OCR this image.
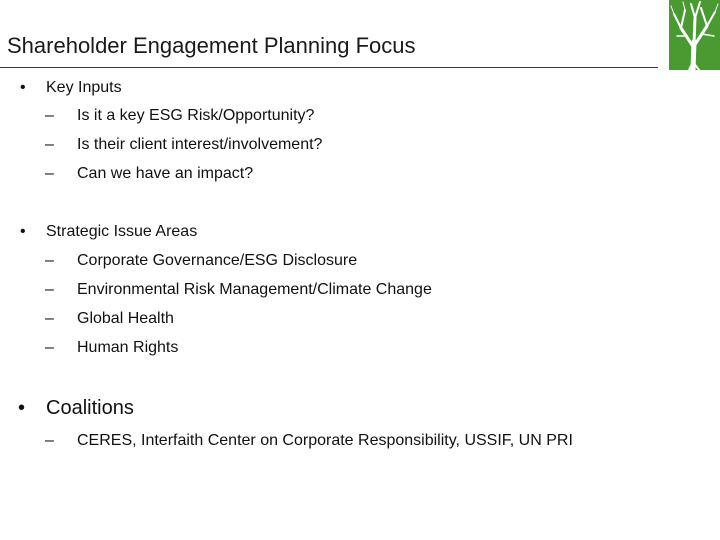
Shareholder Engagement Planning Focus
• Key Inputs
– Is it a key ESG Risk/Opportunity?
– Is their client interest/involvement?
– Can we have an impact?
• Strategic Issue Areas
– Corporate Governance/ESG Disclosure
– Environmental Risk Management/Climate Change
– Global Health
– Human Rights
• Coalitions
– CERES, Interfaith Center on Corporate Responsibility, USSIF, UN PRI
